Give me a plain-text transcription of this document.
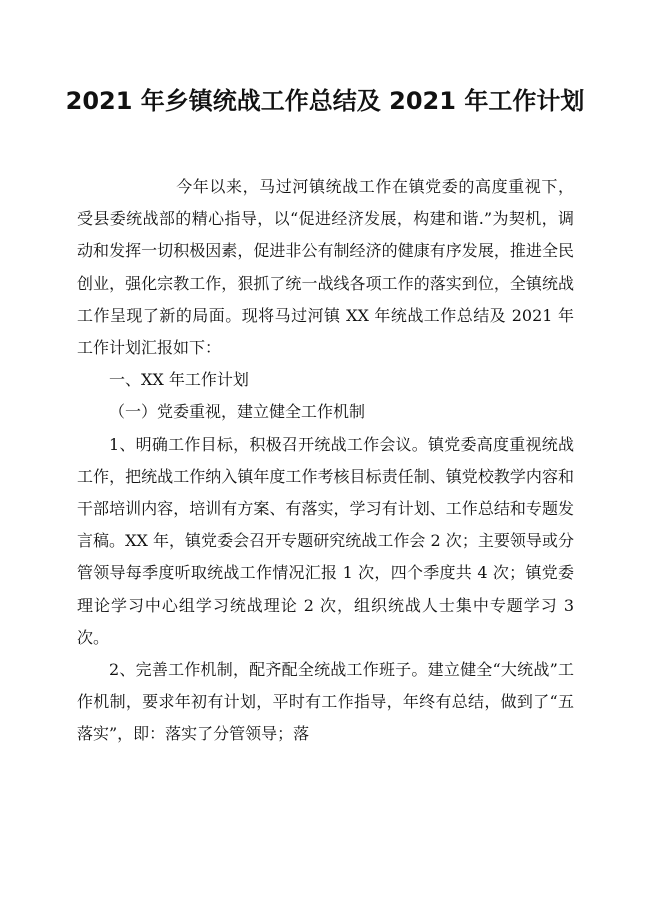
2021 年乡镇统战工作总结及 2021 年工作计划

今年以来，马过河镇统战工作在镇党委的高度重视下，受县委统战部的精心指导，以“促进经济发展，构建和谐.”为契机，调动和发挥一切积极因素，促进非公有制经济的健康有序发展，推进全民创业，强化宗教工作，狠抓了统一战线各项工作的落实到位，全镇统战工作呈现了新的局面。现将马过河镇 XX 年统战工作总结及 2021 年工作计划汇报如下：

一、XX 年工作计划

（一）党委重视，建立健全工作机制

1、明确工作目标，积极召开统战工作会议。镇党委高度重视统战工作，把统战工作纳入镇年度工作考核目标责任制、镇党校教学内容和干部培训内容，培训有方案、有落实，学习有计划、工作总结和专题发言稿。XX 年，镇党委会召开专题研究统战工作会 2 次；主要领导或分管领导每季度听取统战工作情况汇报 1 次，四个季度共 4 次；镇党委理论学习中心组学习统战理论 2 次，组织统战人士集中专题学习 3 次。

2、完善工作机制，配齐配全统战工作班子。建立健全“大统战”工作机制，要求年初有计划，平时有工作指导，年终有总结，做到了“五落实”，即：落实了分管领导；落
